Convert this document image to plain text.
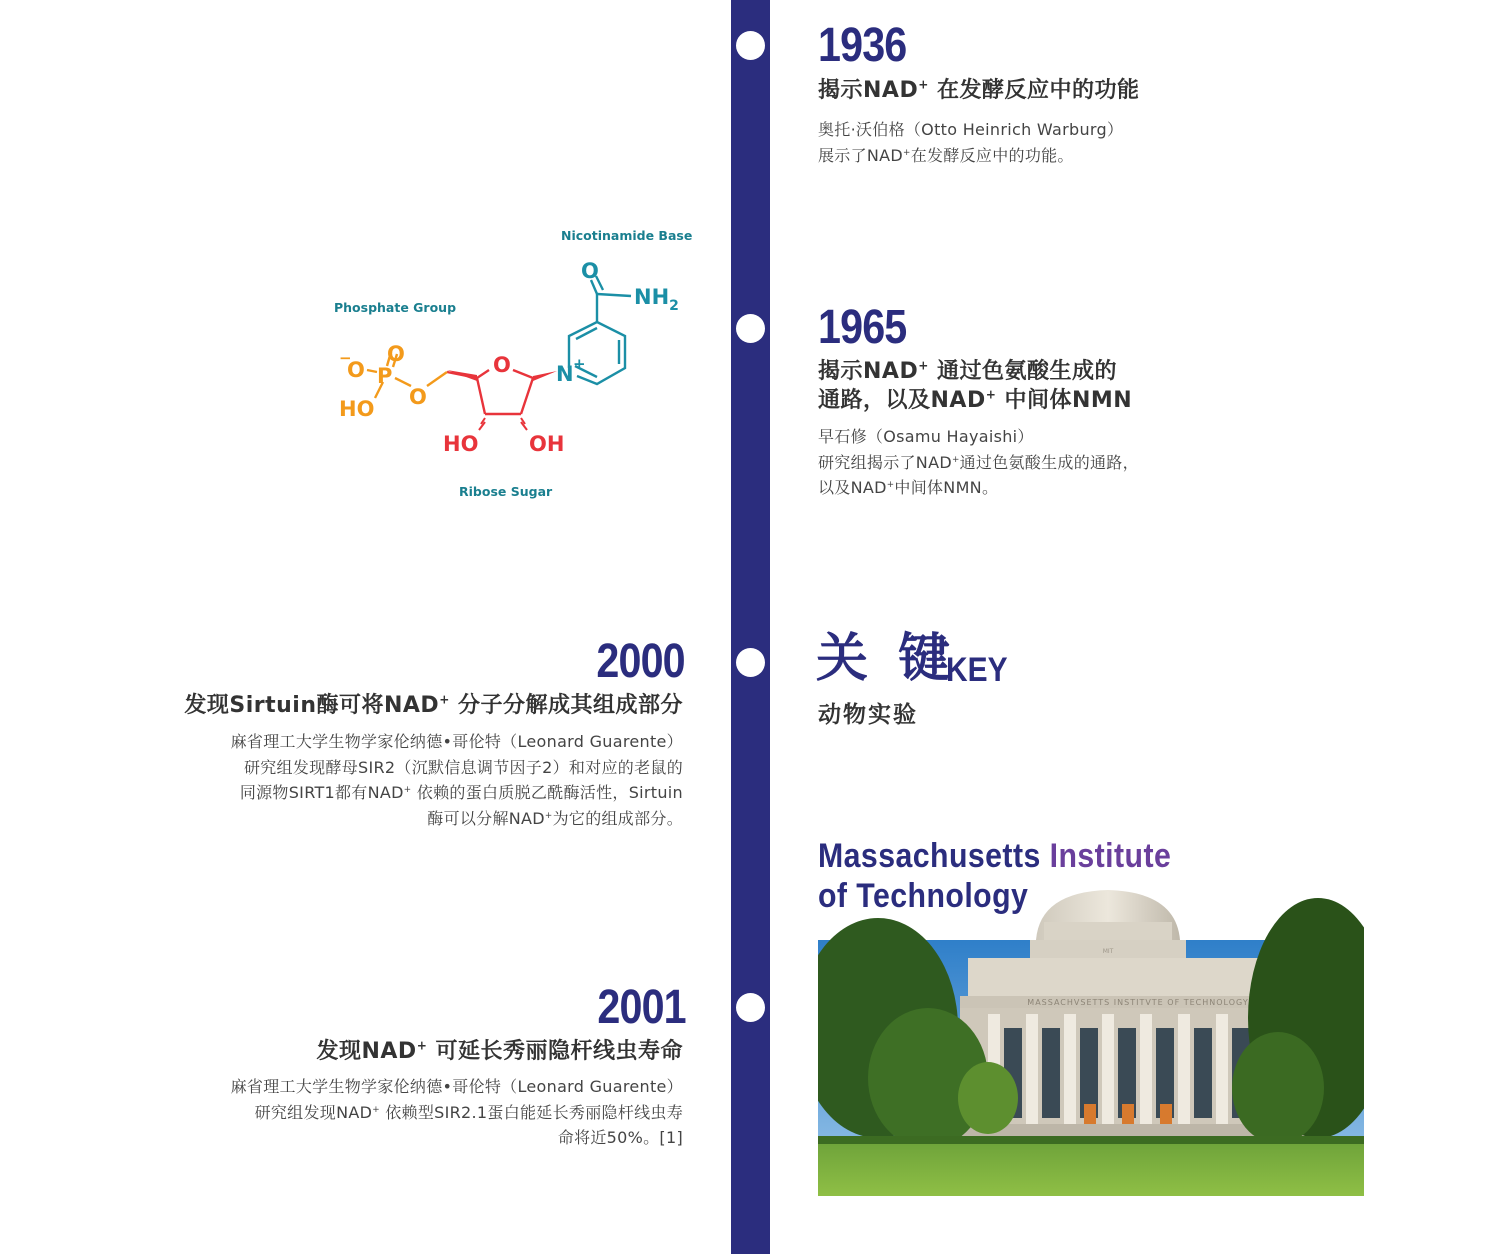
1936
揭示NAD+ 在发酵反应中的功能
奥托·沃伯格（Otto Heinrich Warburg）
展示了NAD+在发酵反应中的功能。
1965
揭示NAD+ 通过色氨酸生成的
通路，以及NAD+ 中间体NMN
早石修（Osamu Hayaishi）
研究组揭示了NAD+通过色氨酸生成的通路，
以及NAD+中间体NMN。
2000
发现Sirtuin酶可将NAD+ 分子分解成其组成部分
麻省理工大学生物学家伦纳德•哥伦特（Leonard Guarente）
研究组发现酵母SIR2（沉默信息调节因子2）和对应的老鼠的
同源物SIRT1都有NAD+ 依赖的蛋白质脱乙酰酶活性，Sirtuin
酶可以分解NAD+为它的组成部分。
2001
发现NAD+ 可延长秀丽隐杆线虫寿命
麻省理工大学生物学家伦纳德•哥伦特（Leonard Guarente）
研究组发现NAD+ 依赖型SIR2.1蛋白能延长秀丽隐杆线虫寿
命将近50%。[1]
关 键
KEY
动物实验
Massachusetts Institute
of Technology
MIT
MASSACHVSETTS INSTITVTE OF TECHNOLOGY
Nicotinamide Base
Phosphate Group
Ribose Sugar
O
$NH_2$
N +
O
HO OH
O
P
O
−
HO O
